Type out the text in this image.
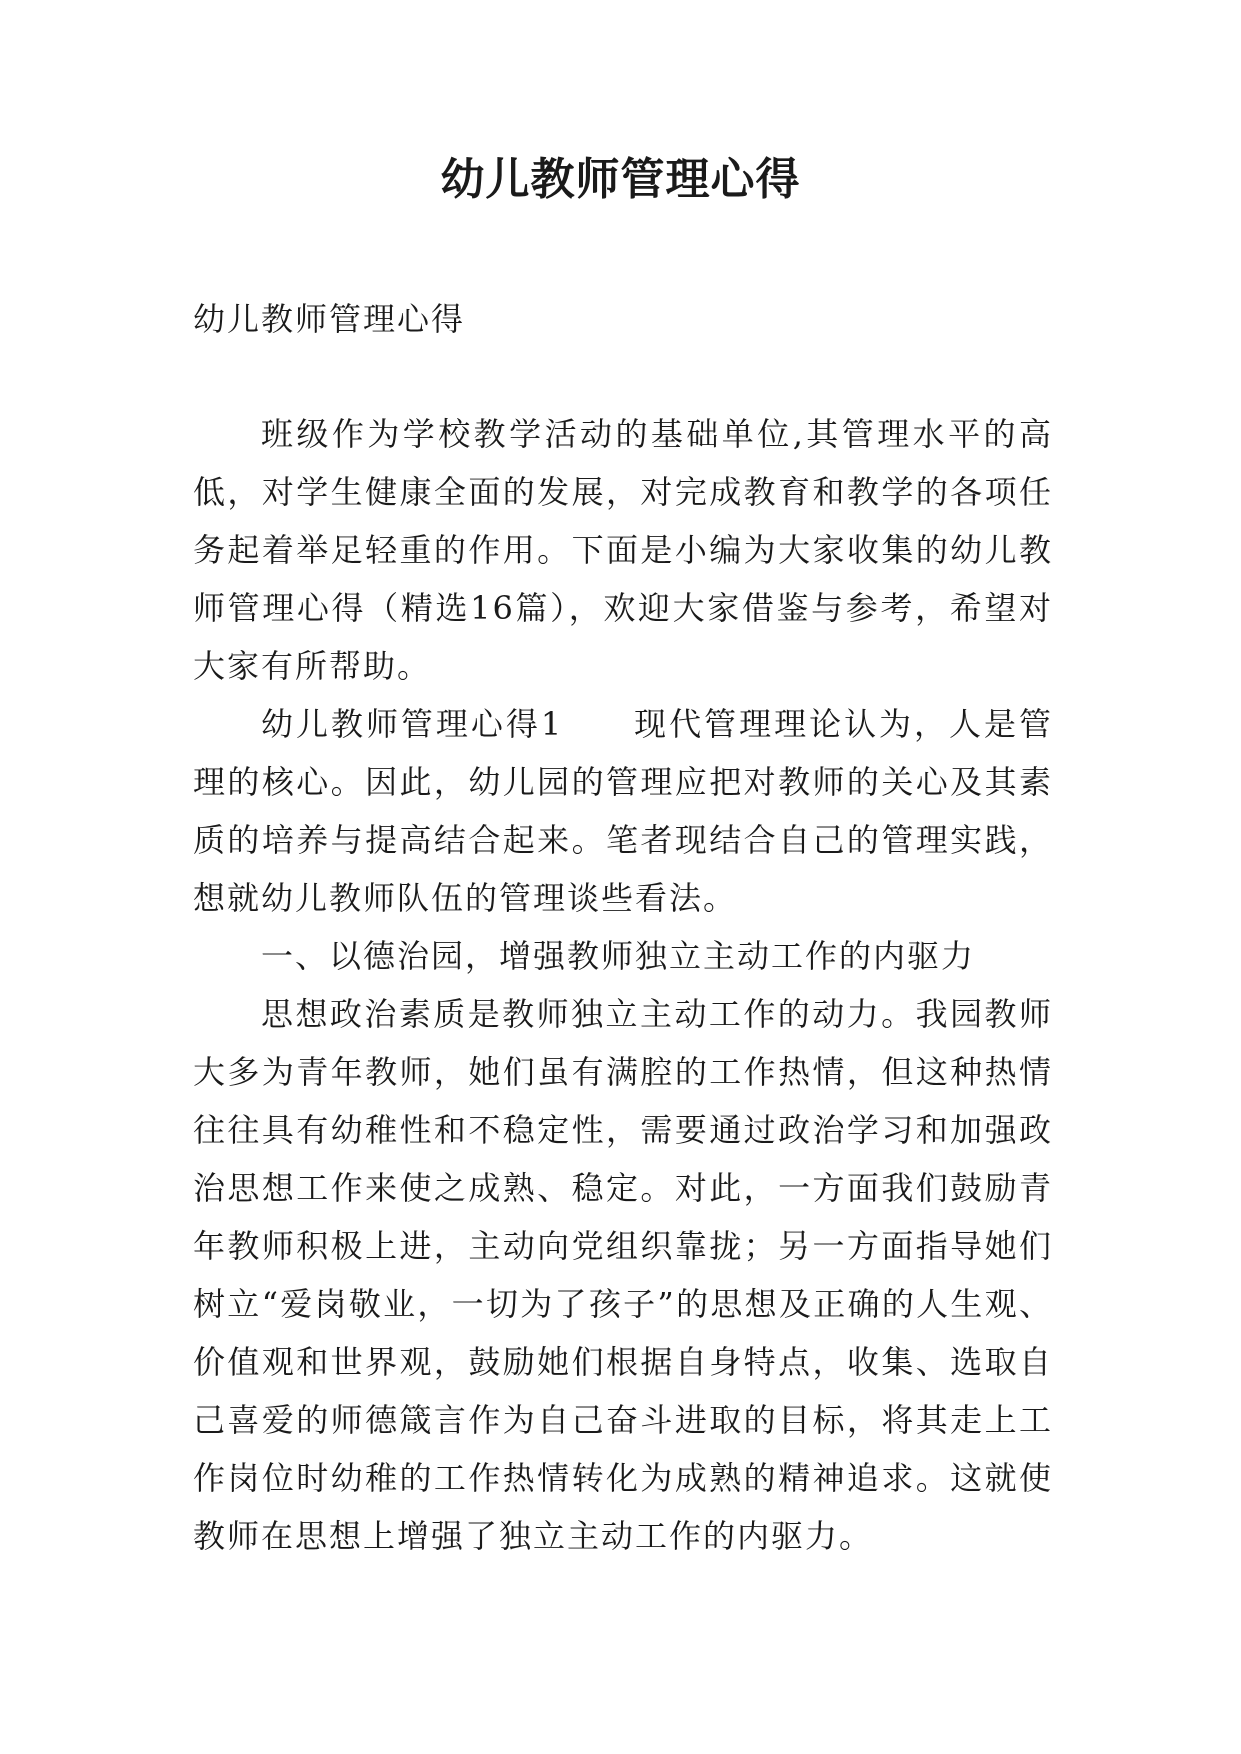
幼儿教师管理心得

幼儿教师管理心得

班级作为学校教学活动的基础单位,其管理水平的高低，对学生健康全面的发展，对完成教育和教学的各项任务起着举足轻重的作用。下面是小编为大家收集的幼儿教师管理心得（精选16篇），欢迎大家借鉴与参考，希望对大家有所帮助。

幼儿教师管理心得1　　现代管理理论认为，人是管理的核心。因此，幼儿园的管理应把对教师的关心及其素质的培养与提高结合起来。笔者现结合自己的管理实践，想就幼儿教师队伍的管理谈些看法。

一、以德治园，增强教师独立主动工作的内驱力

思想政治素质是教师独立主动工作的动力。我园教师大多为青年教师，她们虽有满腔的工作热情，但这种热情往往具有幼稚性和不稳定性，需要通过政治学习和加强政治思想工作来使之成熟、稳定。对此，一方面我们鼓励青年教师积极上进，主动向党组织靠拢；另一方面指导她们树立“爱岗敬业，一切为了孩子”的思想及正确的人生观、价值观和世界观，鼓励她们根据自身特点，收集、选取自己喜爱的师德箴言作为自己奋斗进取的目标，将其走上工作岗位时幼稚的工作热情转化为成熟的精神追求。这就使教师在思想上增强了独立主动工作的内驱力。
